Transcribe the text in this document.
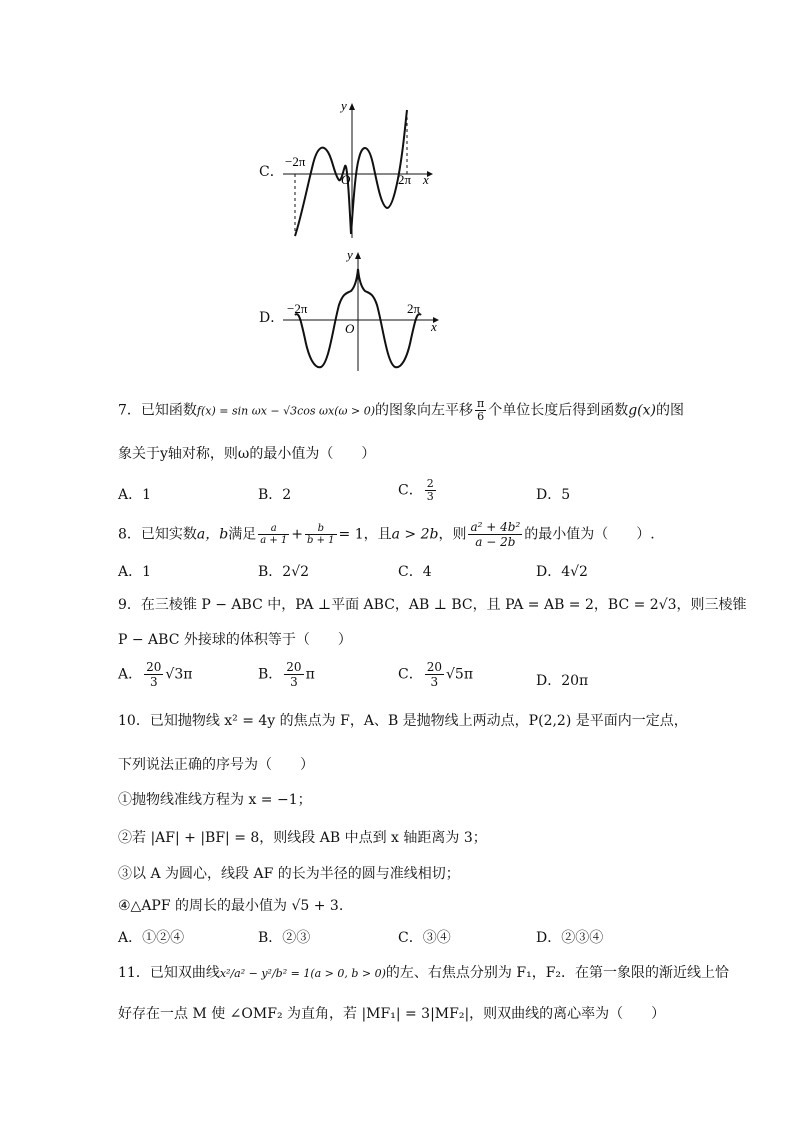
C．
−2π
2π
O	x
y
D．
−2π	2π
O	x
y
7．已知函数f(x) = sin ωx − √3cos ωx(ω > 0)的图象向左平移 $\frac{\pi}{6}$ 个单位长度后得到函数g(x)的图
象关于y轴对称，则ω的最小值为（　　）
A．1	B．2	C． $\frac{2}{3}$	D．5
8．已知实数a，b满足 $\frac{a}{a + 1} + \frac{b}{b + 1} = 1$，且a > 2b，则 $\frac{\text{a² + 4b²}}{a - 2b}$ 的最小值为（　　）.
A．1	B．2√2	C．4	D．4√2
9．在三棱锥 P − ABC 中，PA ⊥平面 ABC，AB ⊥ BC，且 PA = AB = 2，BC = 2√3，则三棱锥
P − ABC 外接球的体积等于（　　）
A． $\frac{20}{3} √3\pi$	B． $\frac{20}{3}$ π	C． $\frac{20}{3} √5\pi$	D．20π
10．已知抛物线 x² = 4y 的焦点为 F，A、B 是抛物线上两动点，P(2,2) 是平面内一定点，
下列说法正确的序号为（　　）
①抛物线准线方程为 x = −1；
②若 |AF| + |BF| = 8，则线段 AB 中点到 x 轴距离为 3；
③以 A 为圆心，线段 AF 的长为半径的圆与准线相切；
④△APF 的周长的最小值为 √5 + 3.
A．①②④	B．②③	C．③④	D．②③④
11．已知双曲线x²/a² − y²/b² = 1(a > 0, b > 0)的左、右焦点分别为 F₁，F₂．在第一象限的渐近线上恰
好存在一点 M 使 ∠OMF₂ 为直角，若 |MF₁| = 3|MF₂|，则双曲线的离心率为（　　）
